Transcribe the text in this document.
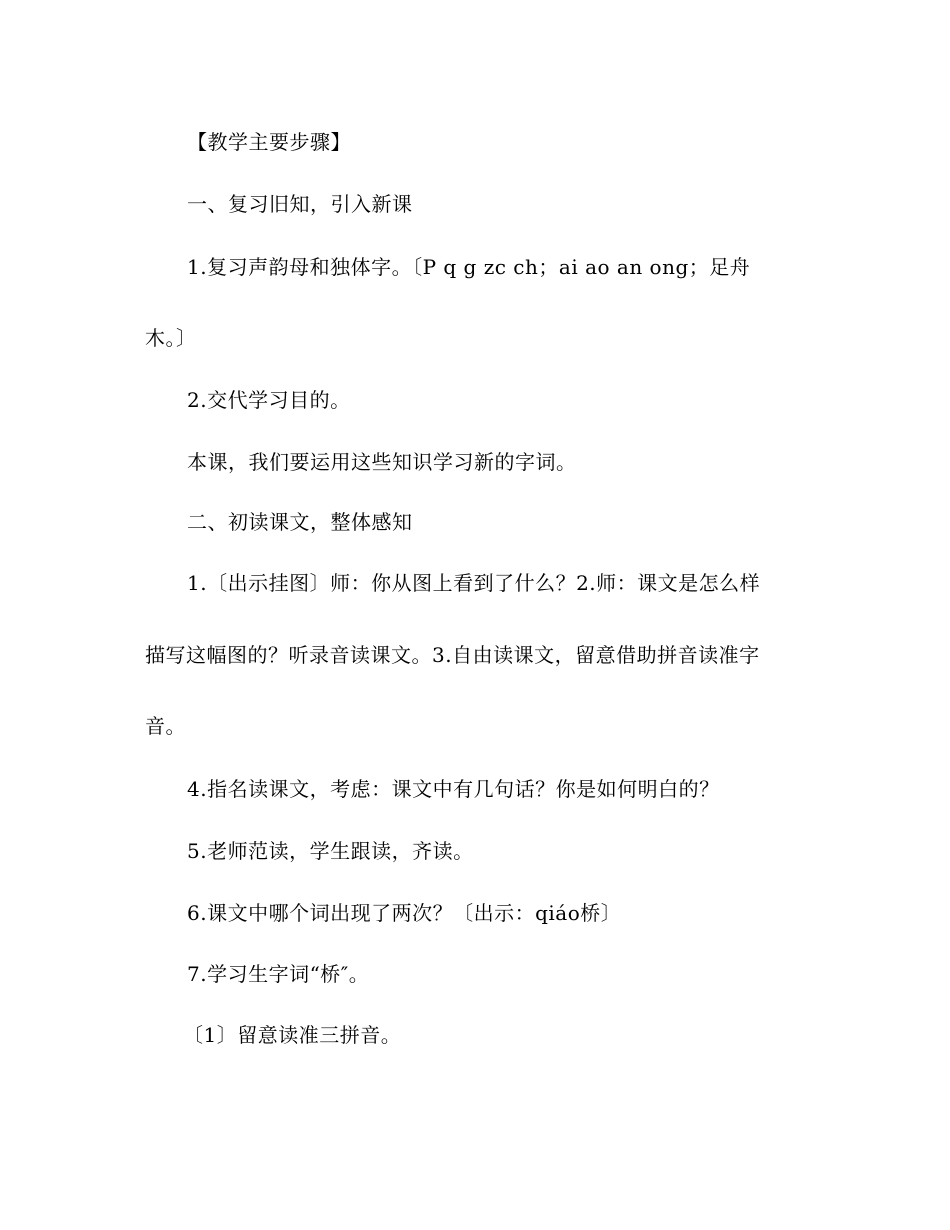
【教学主要步骤】

一、复习旧知，引入新课

1.复习声韵母和独体字。〔P q g zc ch；ai ao an ong；足舟

木。〕

2.交代学习目的。

本课，我们要运用这些知识学习新的字词。

二、初读课文，整体感知

1.〔出示挂图〕师：你从图上看到了什么？2.师：课文是怎么样

描写这幅图的？听录音读课文。3.自由读课文，留意借助拼音读准字

音。

4.指名读课文，考虑：课文中有几句话？你是如何明白的？

5.老师范读，学生跟读，齐读。

6.课文中哪个词出现了两次？〔出示：qiáo桥〕

7.学习生字词“桥″。

〔1〕留意读准三拼音。
